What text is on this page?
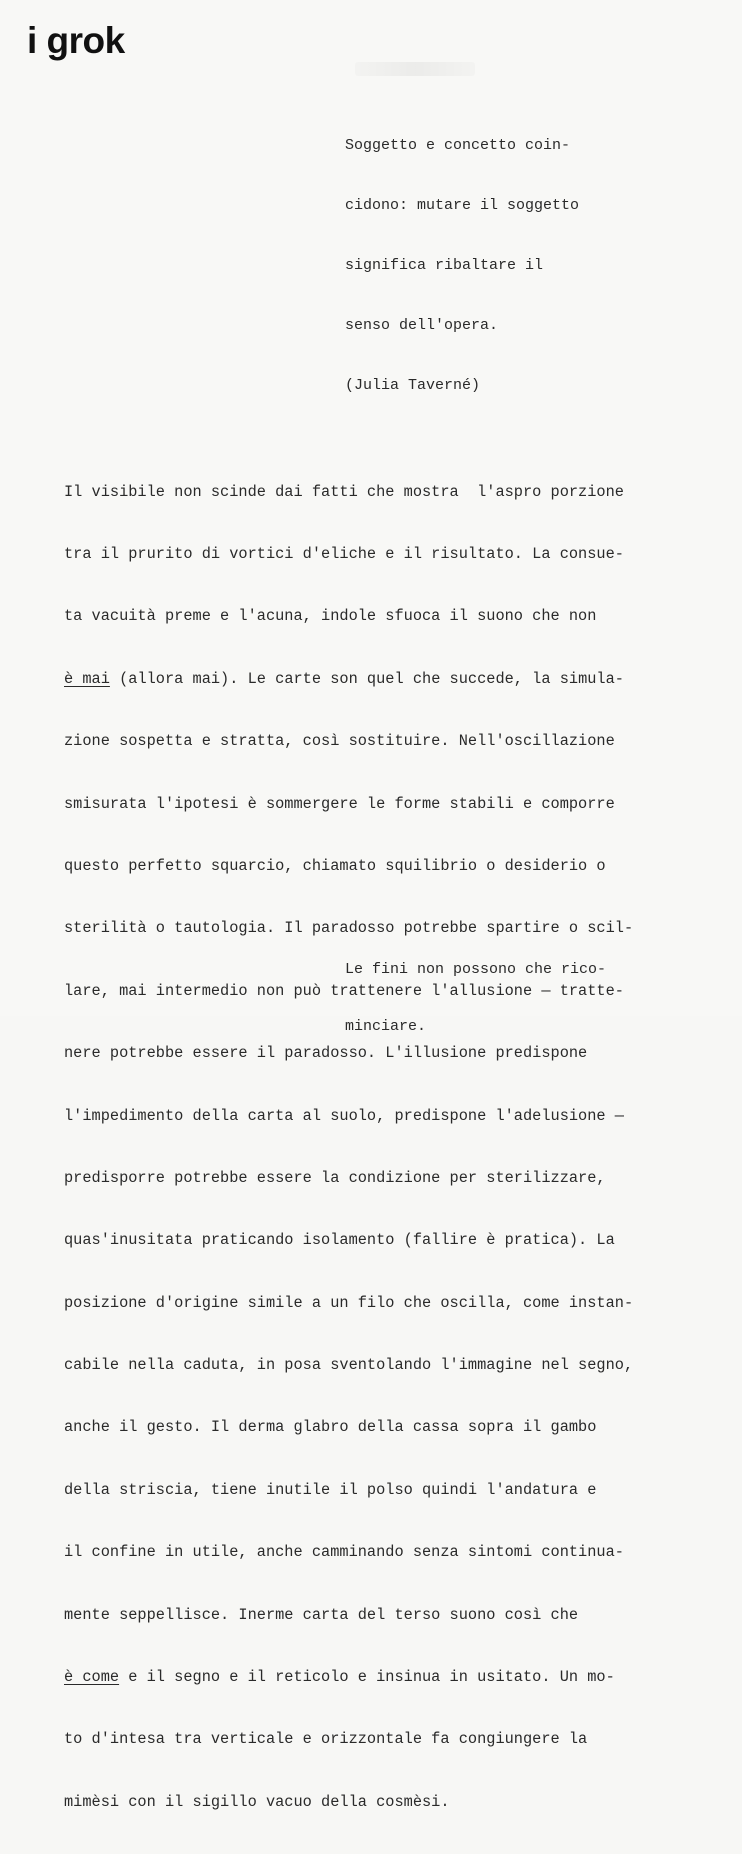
i grok

Soggetto e concetto coin-

cidono: mutare il soggetto

significa ribaltare il

senso dell'opera.

(Julia Taverné)

Il visibile non scinde dai fatti che mostra  l'aspro porzione

tra il prurito di vortici d'eliche e il risultato. La consue-

ta vacuità preme e l'acuna, indole sfuoca il suono che non

è mai (allora mai). Le carte son quel che succede, la simula-

zione sospetta e stratta, così sostituire. Nell'oscillazione

smisurata l'ipotesi è sommergere le forme stabili e comporre

questo perfetto squarcio, chiamato squilibrio o desiderio o

sterilità o tautologia. Il paradosso potrebbe spartire o scil-

lare, mai intermedio non può trattenere l'allusione — tratte-

nere potrebbe essere il paradosso. L'illusione predispone

l'impedimento della carta al suolo, predispone l'adelusione —

predisporre potrebbe essere la condizione per sterilizzare,

quas'inusitata praticando isolamento (fallire è pratica). La

posizione d'origine simile a un filo che oscilla, come instan-

cabile nella caduta, in posa sventolando l'immagine nel segno,

anche il gesto. Il derma glabro della cassa sopra il gambo

della striscia, tiene inutile il polso quindi l'andatura e

il confine in utile, anche camminando senza sintomi continua-

mente seppellisce. Inerme carta del terso suono così che

è come e il segno e il reticolo e insinua in usitato. Un mo-

to d'intesa tra verticale e orizzontale fa congiungere la

mimèsi con il sigillo vacuo della cosmèsi.

Le fini non possono che rico-

minciare.
